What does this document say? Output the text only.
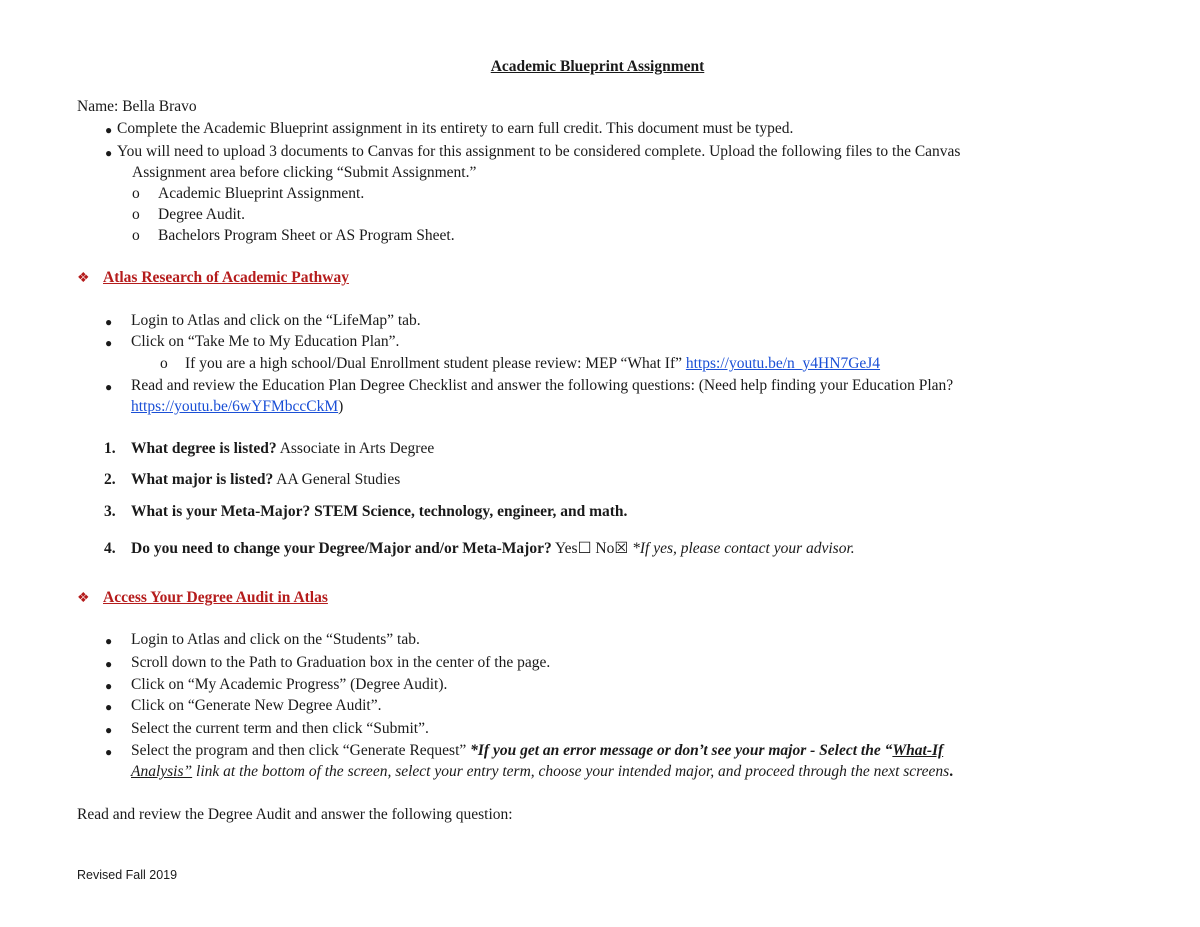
Academic Blueprint Assignment
Name: Bella Bravo
● Complete the Academic Blueprint assignment in its entirety to earn full credit. This document must be typed.
● You will need to upload 3 documents to Canvas for this assignment to be considered complete. Upload the following files to the Canvas
Assignment area before clicking “Submit Assignment.”
o Academic Blueprint Assignment.
o Degree Audit.
o Bachelors Program Sheet or AS Program Sheet.
❖ Atlas Research of Academic Pathway
● Login to Atlas and click on the “LifeMap” tab.
● Click on “Take Me to My Education Plan”.
o If you are a high school/Dual Enrollment student please review: MEP “What If” https://youtu.be/n_y4HN7GeJ4
● Read and review the Education Plan Degree Checklist and answer the following questions: (Need help finding your Education Plan?
https://youtu.be/6wYFMbccCkM)
1. What degree is listed? Associate in Arts Degree
2. What major is listed? AA General Studies
3. What is your Meta-Major? STEM Science, technology, engineer, and math.
4. Do you need to change your Degree/Major and/or Meta-Major? Yes☐ No☒ *If yes, please contact your advisor.
❖ Access Your Degree Audit in Atlas
● Login to Atlas and click on the “Students” tab.
● Scroll down to the Path to Graduation box in the center of the page.
● Click on “My Academic Progress” (Degree Audit).
● Click on “Generate New Degree Audit”.
● Select the current term and then click “Submit”.
● Select the program and then click “Generate Request” *If you get an error message or don’t see your major - Select the “What-If
Analysis” link at the bottom of the screen, select your entry term, choose your intended major, and proceed through the next screens.
Read and review the Degree Audit and answer the following question:
Revised Fall 2019
